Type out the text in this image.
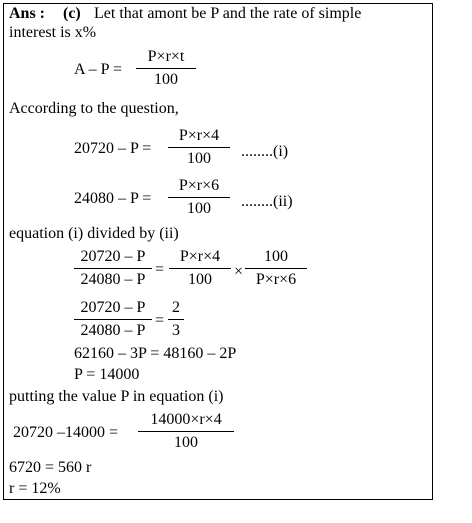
Ans : (c) Let that amont be P and the rate of simple
interest is x%
A – P =
P×r×t
100
According to the question,
20720 – P =
P×r×4
100	........(i)
24080 – P =
P×r×6
100	........(ii)
equation (i) divided by (ii)
20720 – P
24080 – P
=
P×r×4
100	×
100
P×r×6
20720 – P
24080 – P
=
2
3
62160 – 3P = 48160 – 2P
P = 14000
putting the value P in equation (i)
20720 –14000 =
14000×r×4
100
6720 = 560 r
r = 12%
